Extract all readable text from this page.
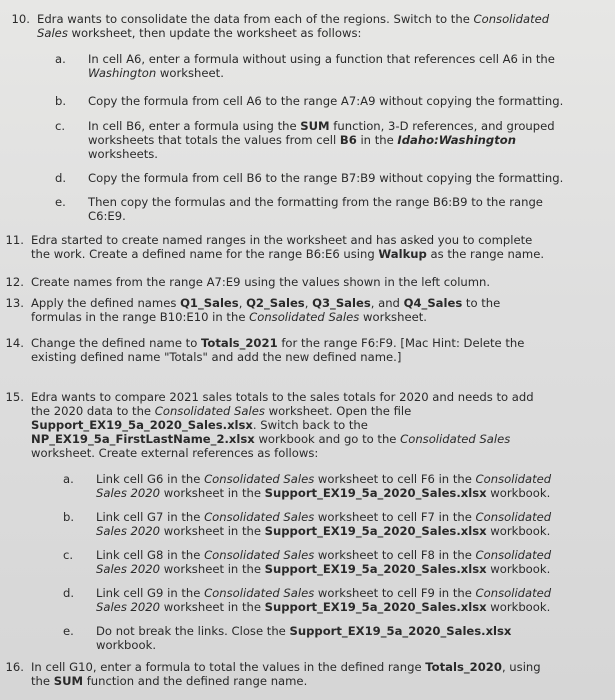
10. Edra wants to consolidate the data from each of the regions. Switch to the Consolidated
Sales worksheet, then update the worksheet as follows:
11. Edra started to create named ranges in the worksheet and has asked you to complete
the work. Create a defined name for the range B6:E6 using Walkup as the range name.
12. Create names from the range A7:E9 using the values shown in the left column.
13. Apply the defined names Q1_Sales, Q2_Sales, Q3_Sales, and Q4_Sales to the
formulas in the range B10:E10 in the Consolidated Sales worksheet.
14. Change the defined name to Totals_2021 for the range F6:F9. [Mac Hint: Delete the
existing defined name "Totals" and add the new defined name.]
15. Edra wants to compare 2021 sales totals to the sales totals for 2020 and needs to add
the 2020 data to the Consolidated Sales worksheet. Open the file
Support_EX19_5a_2020_Sales.xlsx. Switch back to the
NP_EX19_5a_FirstLastName_2.xlsx workbook and go to the Consolidated Sales
worksheet. Create external references as follows:
16. In cell G10, enter a formula to total the values in the defined range Totals_2020, using
the SUM function and the defined range name.
a. In cell A6, enter a formula without using a function that references cell A6 in the
Washington worksheet.
b. Copy the formula from cell A6 to the range A7:A9 without copying the formatting.
c. In cell B6, enter a formula using the SUM function, 3-D references, and grouped
worksheets that totals the values from cell B6 in the Idaho:Washington
worksheets.
d. Copy the formula from cell B6 to the range B7:B9 without copying the formatting.
e. Then copy the formulas and the formatting from the range B6:B9 to the range
C6:E9.
a. Link cell G6 in the Consolidated Sales worksheet to cell F6 in the Consolidated
Sales 2020 worksheet in the Support_EX19_5a_2020_Sales.xlsx workbook.
b. Link cell G7 in the Consolidated Sales worksheet to cell F7 in the Consolidated
Sales 2020 worksheet in the Support_EX19_5a_2020_Sales.xlsx workbook.
c. Link cell G8 in the Consolidated Sales worksheet to cell F8 in the Consolidated
Sales 2020 worksheet in the Support_EX19_5a_2020_Sales.xlsx workbook.
d. Link cell G9 in the Consolidated Sales worksheet to cell F9 in the Consolidated
Sales 2020 worksheet in the Support_EX19_5a_2020_Sales.xlsx workbook.
e. Do not break the links. Close the Support_EX19_5a_2020_Sales.xlsx
workbook.
